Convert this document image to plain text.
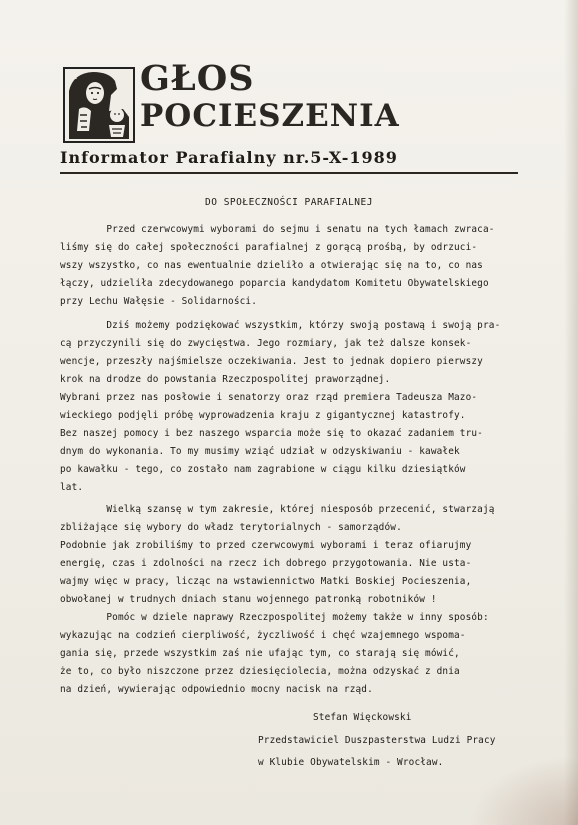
GŁOS
POCIESZENIA
Informator Parafialny nr.5-X-1989
DO SPOŁECZNOŚCI PARAFIALNEJ
Przed czerwcowymi wyborami do sejmu i senatu na tych łamach zwraca-
liśmy się do całej społeczności parafialnej z gorącą prośbą, by odrzuci-
wszy wszystko, co nas ewentualnie dzieliło a otwierając się na to, co nas
łączy, udzieliła zdecydowanego poparcia kandydatom Komitetu Obywatelskiego
przy Lechu Wałęsie - Solidarności.
Dziś możemy podziękować wszystkim, którzy swoją postawą i swoją pra-
cą przyczynili się do zwycięstwa. Jego rozmiary, jak też dalsze konsek-
wencje, przeszły najśmielsze oczekiwania. Jest to jednak dopiero pierwszy
krok na drodze do powstania Rzeczpospolitej praworządnej.
Wybrani przez nas posłowie i senatorzy oraz rząd premiera Tadeusza Mazo-
wieckiego podjęli próbę wyprowadzenia kraju z gigantycznej katastrofy.
Bez naszej pomocy i bez naszego wsparcia może się to okazać zadaniem tru-
dnym do wykonania. To my musimy wziąć udział w odzyskiwaniu - kawałek
po kawałku - tego, co zostało nam zagrabione w ciągu kilku dziesiątków
lat.
Wielką szansę w tym zakresie, której niesposób przecenić, stwarzają
zbliżające się wybory do władz terytorialnych - samorządów.
Podobnie jak zrobiliśmy to przed czerwcowymi wyborami i teraz ofiarujmy
energię, czas i zdolności na rzecz ich dobrego przygotowania. Nie usta-
wajmy więc w pracy, licząc na wstawiennictwo Matki Boskiej Pocieszenia,
obwołanej w trudnych dniach stanu wojennego patronką robotników !
Pomóc w dziele naprawy Rzeczpospolitej możemy także w inny sposób:
wykazując na codzień cierpliwość, życzliwość i chęć wzajemnego wspoma-
gania się, przede wszystkim zaś nie ufając tym, co starają się mówić,
że to, co było niszczone przez dziesięciolecia, można odzyskać z dnia
na dzień, wywierając odpowiednio mocny nacisk na rząd.
Stefan Więckowski
Przedstawiciel Duszpasterstwa Ludzi Pracy
w Klubie Obywatelskim - Wrocław.
